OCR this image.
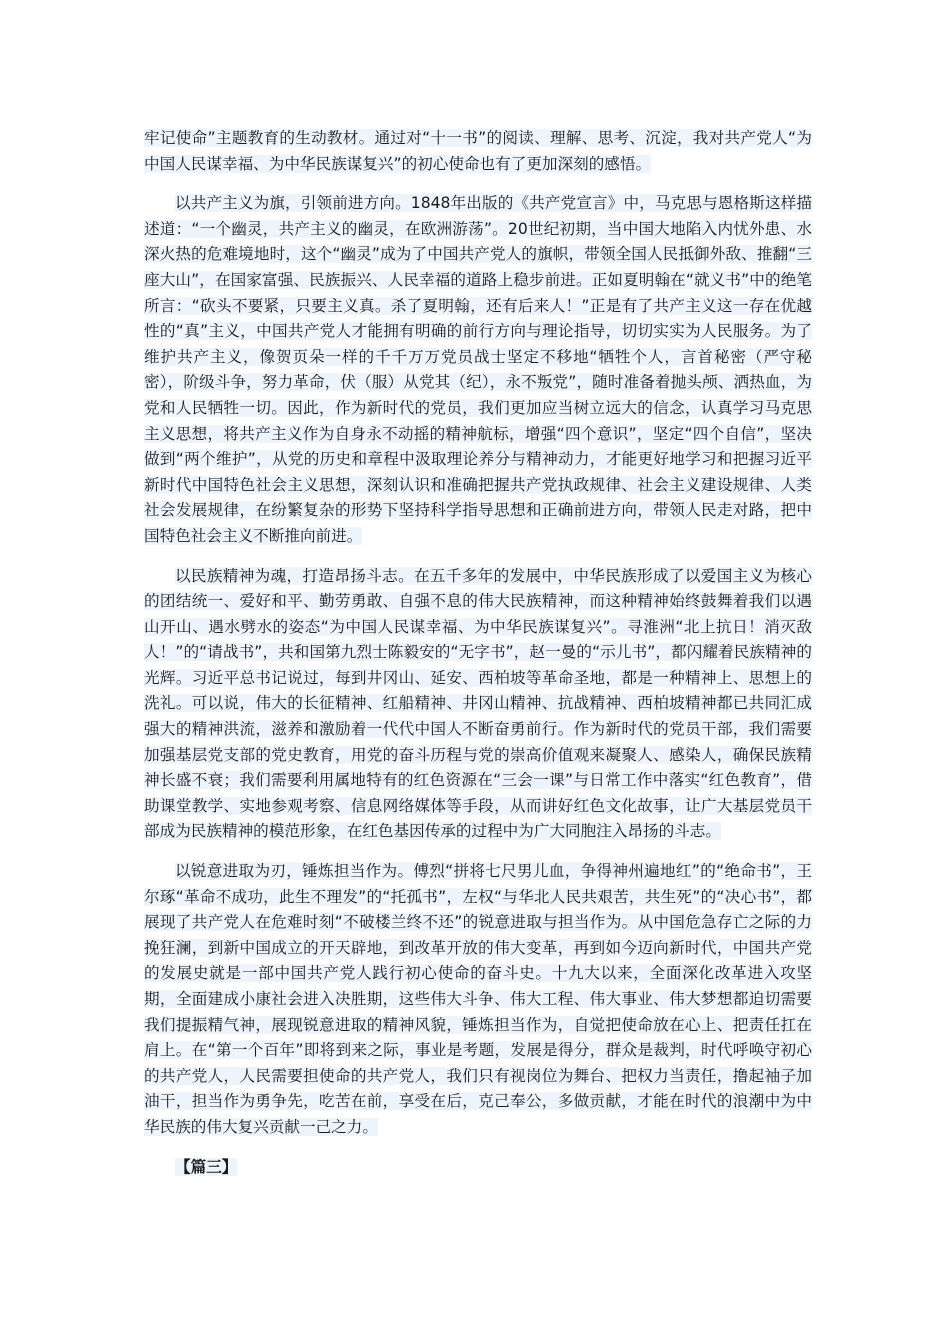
牢记使命”主题教育的生动教材。通过对“十一书”的阅读、理解、思考、沉淀，我对共产党人“为中国人民谋幸福、为中华民族谋复兴”的初心使命也有了更加深刻的感悟。

以共产主义为旗，引领前进方向。1848年出版的《共产党宣言》中，马克思与恩格斯这样描述道：“一个幽灵，共产主义的幽灵，在欧洲游荡”。20世纪初期，当中国大地陷入内忧外患、水深火热的危难境地时，这个“幽灵”成为了中国共产党人的旗帜，带领全国人民抵御外敌、推翻“三座大山”，在国家富强、民族振兴、人民幸福的道路上稳步前进。正如夏明翰在“就义书”中的绝笔所言：“砍头不要紧，只要主义真。杀了夏明翰，还有后来人！”正是有了共产主义这一存在优越性的“真”主义，中国共产党人才能拥有明确的前行方向与理论指导，切切实实为人民服务。为了维护共产主义，像贺页朵一样的千千万万党员战士坚定不移地“牺牲个人，言首秘密（严守秘密），阶级斗争，努力革命，伏（服）从党其（纪），永不叛党”，随时准备着抛头颅、洒热血，为党和人民牺牲一切。因此，作为新时代的党员，我们更加应当树立远大的信念，认真学习马克思主义思想，将共产主义作为自身永不动摇的精神航标，增强“四个意识”，坚定“四个自信”，坚决做到“两个维护”，从党的历史和章程中汲取理论养分与精神动力，才能更好地学习和把握习近平新时代中国特色社会主义思想，深刻认识和准确把握共产党执政规律、社会主义建设规律、人类社会发展规律，在纷繁复杂的形势下坚持科学指导思想和正确前进方向，带领人民走对路，把中国特色社会主义不断推向前进。

以民族精神为魂，打造昂扬斗志。在五千多年的发展中，中华民族形成了以爱国主义为核心的团结统一、爱好和平、勤劳勇敢、自强不息的伟大民族精神，而这种精神始终鼓舞着我们以遇山开山、遇水劈水的姿态“为中国人民谋幸福、为中华民族谋复兴”。寻淮洲“北上抗日！消灭敌人！”的“请战书”，共和国第九烈士陈毅安的“无字书”，赵一曼的“示儿书”，都闪耀着民族精神的光辉。习近平总书记说过，每到井冈山、延安、西柏坡等革命圣地，都是一种精神上、思想上的洗礼。可以说，伟大的长征精神、红船精神、井冈山精神、抗战精神、西柏坡精神都已共同汇成强大的精神洪流，滋养和激励着一代代中国人不断奋勇前行。作为新时代的党员干部，我们需要加强基层党支部的党史教育，用党的奋斗历程与党的崇高价值观来凝聚人、感染人，确保民族精神长盛不衰；我们需要利用属地特有的红色资源在“三会一课”与日常工作中落实“红色教育”，借助课堂教学、实地参观考察、信息网络媒体等手段，从而讲好红色文化故事，让广大基层党员干部成为民族精神的模范形象，在红色基因传承的过程中为广大同胞注入昂扬的斗志。

以锐意进取为刃，锤炼担当作为。傅烈“拼将七尺男儿血，争得神州遍地红”的“绝命书”，王尔琢“革命不成功，此生不理发”的“托孤书”，左权“与华北人民共艰苦，共生死”的“决心书”，都展现了共产党人在危难时刻“不破楼兰终不还”的锐意进取与担当作为。从中国危急存亡之际的力挽狂澜，到新中国成立的开天辟地，到改革开放的伟大变革，再到如今迈向新时代，中国共产党的发展史就是一部中国共产党人践行初心使命的奋斗史。十九大以来，全面深化改革进入攻坚期，全面建成小康社会进入决胜期，这些伟大斗争、伟大工程、伟大事业、伟大梦想都迫切需要我们提振精气神，展现锐意进取的精神风貌，锤炼担当作为，自觉把使命放在心上、把责任扛在肩上。在“第一个百年”即将到来之际，事业是考题，发展是得分，群众是裁判，时代呼唤守初心的共产党人，人民需要担使命的共产党人，我们只有视岗位为舞台、把权力当责任，撸起袖子加油干，担当作为勇争先，吃苦在前，享受在后，克己奉公，多做贡献，才能在时代的浪潮中为中华民族的伟大复兴贡献一己之力。

【篇三】
